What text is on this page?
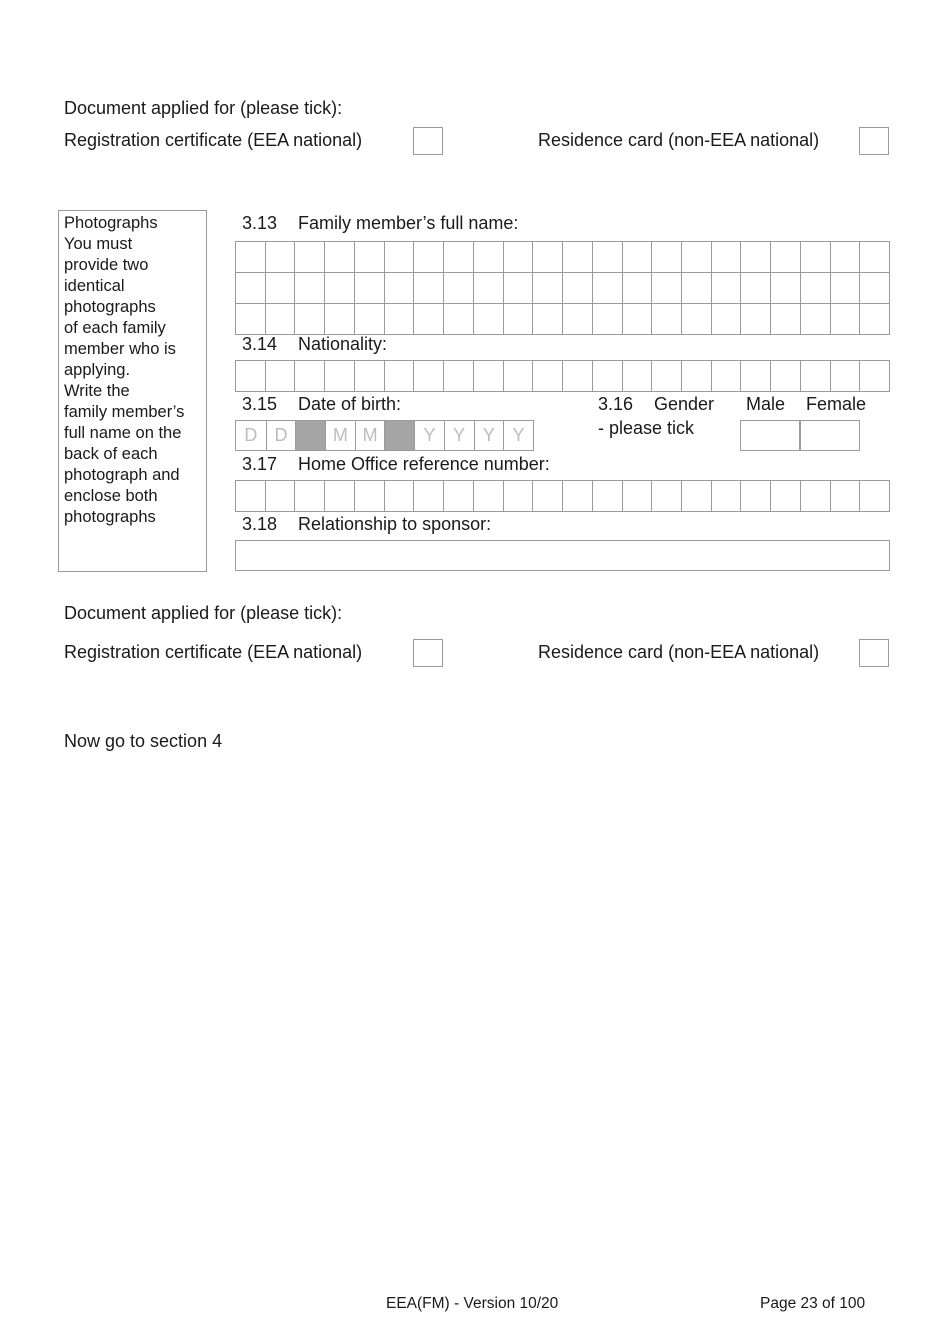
Document applied for (please tick):
Registration certificate (EEA national)	Residence card (non-EEA national)
Photographs
You must
provide two
identical
photographs
of each family
member who is
applying.
Write the
family member’s
full name on the
back of each
photograph and
enclose both
photographs
3.13 Family member’s full name:
3.14 Nationality:
3.15 Date of birth:
D D	M M	Y Y Y Y
3.16 Gender
- please tick
Male Female
3.17 Home Office reference number:
3.18 Relationship to sponsor:
Document applied for (please tick):
Registration certificate (EEA national)	Residence card (non-EEA national)
Now go to section 4
EEA(FM) - Version 10/20	Page 23 of 100
